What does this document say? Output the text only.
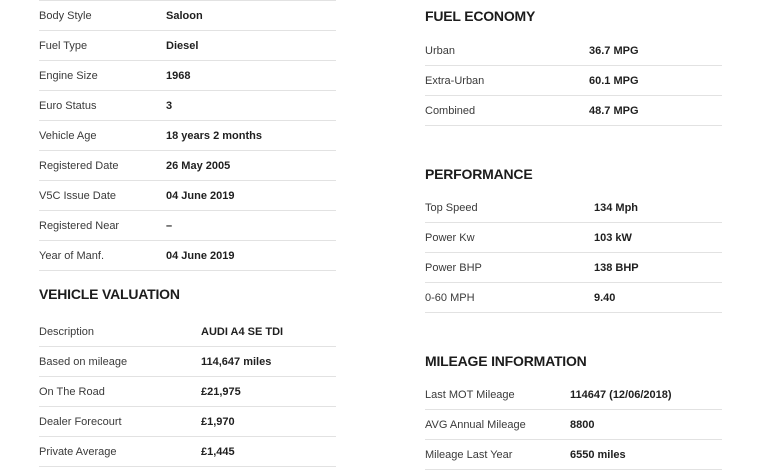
Body Style	Saloon
Fuel Type	Diesel
Engine Size	1968
Euro Status	3
Vehicle Age	18 years 2 months
Registered Date	26 May 2005
V5C Issue Date	04 June 2019
Registered Near	–
Year of Manf.	04 June 2019
VEHICLE VALUATION
Description	AUDI A4 SE TDI
Based on mileage	114,647 miles
On The Road	£21,975
Dealer Forecourt	£1,970
Private Average	£1,445
FUEL ECONOMY
Urban	36.7 MPG
Extra-Urban	60.1 MPG
Combined	48.7 MPG
PERFORMANCE
Top Speed	134 Mph
Power Kw	103 kW
Power BHP	138 BHP
0-60 MPH	9.40
MILEAGE INFORMATION
Last MOT Mileage	114647 (12/06/2018)
AVG Annual Mileage	8800
Mileage Last Year	6550 miles
